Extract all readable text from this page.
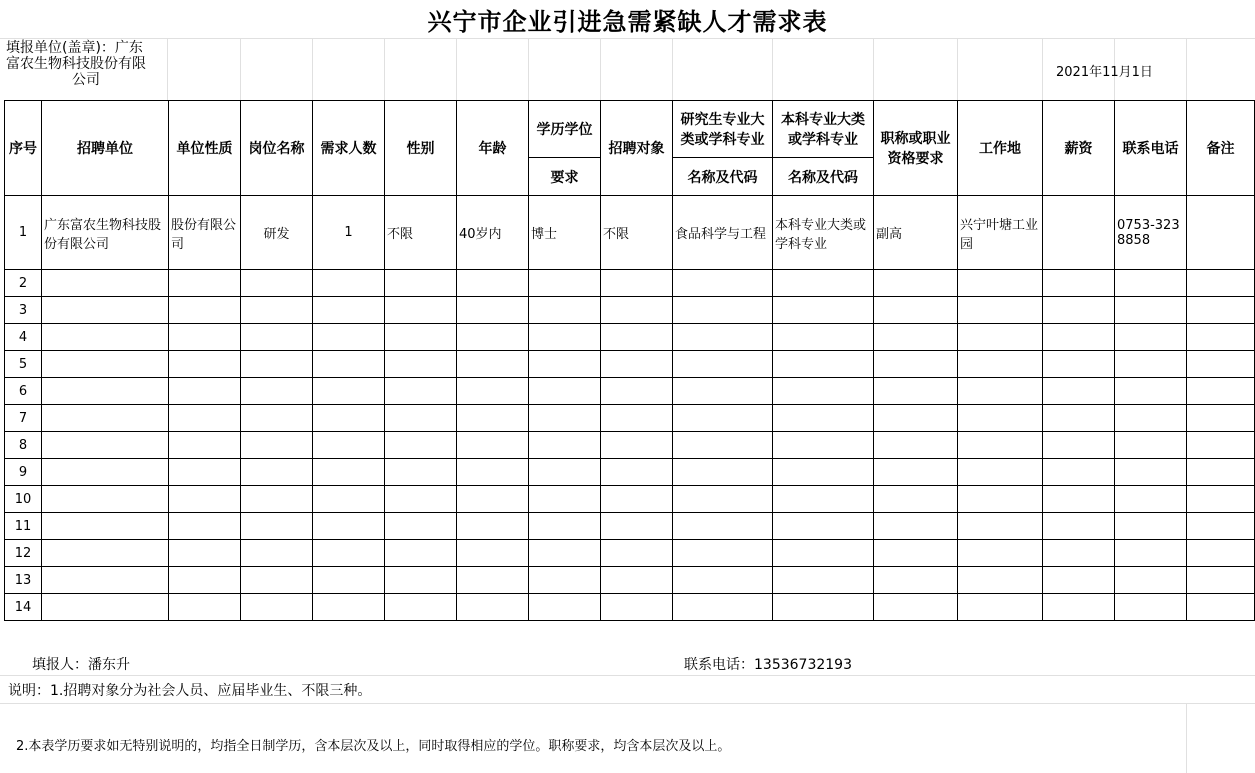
兴宁市企业引进急需紧缺人才需求表
填报单位(盖章)：广东
富农生物科技股份有限
公司	2021年11月1日
序号	招聘单位	单位性质	岗位名称	需求人数	性别	年龄	学历学位	招聘对象	研究生专业大类或学科专业	本科专业大类或学科专业	职称或职业资格要求	工作地	薪资	联系电话	备注
							要求		名称及代码	名称及代码					
1	广东富农生物科技股份有限公司	股份有限公司	研发	1	不限	40岁内	博士	不限	食品科学与工程	本科专业大类或学科专业	副高	兴宁叶塘工业园		0753-3238858	
2															
3															
4															
5															
6															
7															
8															
9															
10															
11															
12															
13															
14															
填报人：潘东升	联系电话：13536732193
说明：1.招聘对象分为社会人员、应届毕业生、不限三种。
2.本表学历要求如无特别说明的，均指全日制学历，含本层次及以上，同时取得相应的学位。职称要求，均含本层次及以上。
